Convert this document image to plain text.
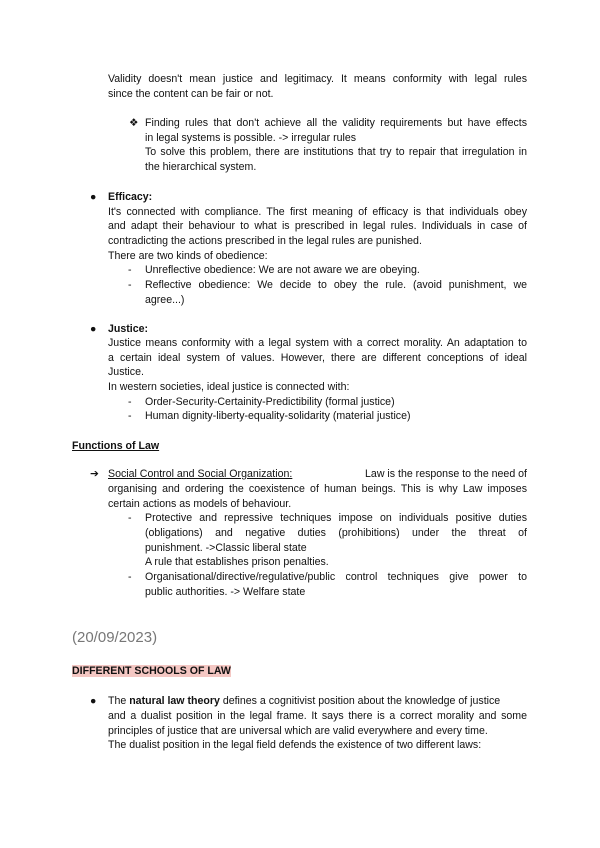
Validity doesn't mean justice and legitimacy. It means conformity with legal rules
since the content can be fair or not.
❖ Finding rules that don't achieve all the validity requirements but have effects
in legal systems is possible. -> irregular rules
To solve this problem, there are institutions that try to repair that irregulation in
the hierarchical system.
● Efficacy:
It's connected with compliance. The first meaning of efficacy is that individuals obey
and adapt their behaviour to what is prescribed in legal rules. Individuals in case of
contradicting the actions prescribed in the legal rules are punished.
There are two kinds of obedience:
- Unreflective obedience: We are not aware we are obeying.
- Reflective obedience: We decide to obey the rule. (avoid punishment, we
agree...)
● Justice:
Justice means conformity with a legal system with a correct morality. An adaptation to
a certain ideal system of values. However, there are different conceptions of ideal
Justice.
In western societies, ideal justice is connected with:
- Order-Security-Certainity-Predictibility (formal justice)
- Human dignity-liberty-equality-solidarity (material justice)
Functions of Law
➔ Social Control and Social Organization:	Law is the response to the need of
organising and ordering the coexistence of human beings. This is why Law imposes
certain actions as models of behaviour.
- Protective and repressive techniques impose on individuals positive duties
(obligations) and negative duties (prohibitions) under the threat of
punishment. ->Classic liberal state
A rule that establishes prison penalties.
- Organisational/directive/regulative/public control techniques give power to
public authorities. -> Welfare state
(20/09/2023)
DIFFERENT SCHOOLS OF LAW
● The natural law theory defines a cognitivist position about the knowledge of justice
and a dualist position in the legal frame. It says there is a correct morality and some
principles of justice that are universal which are valid everywhere and every time.
The dualist position in the legal field defends the existence of two different laws:
